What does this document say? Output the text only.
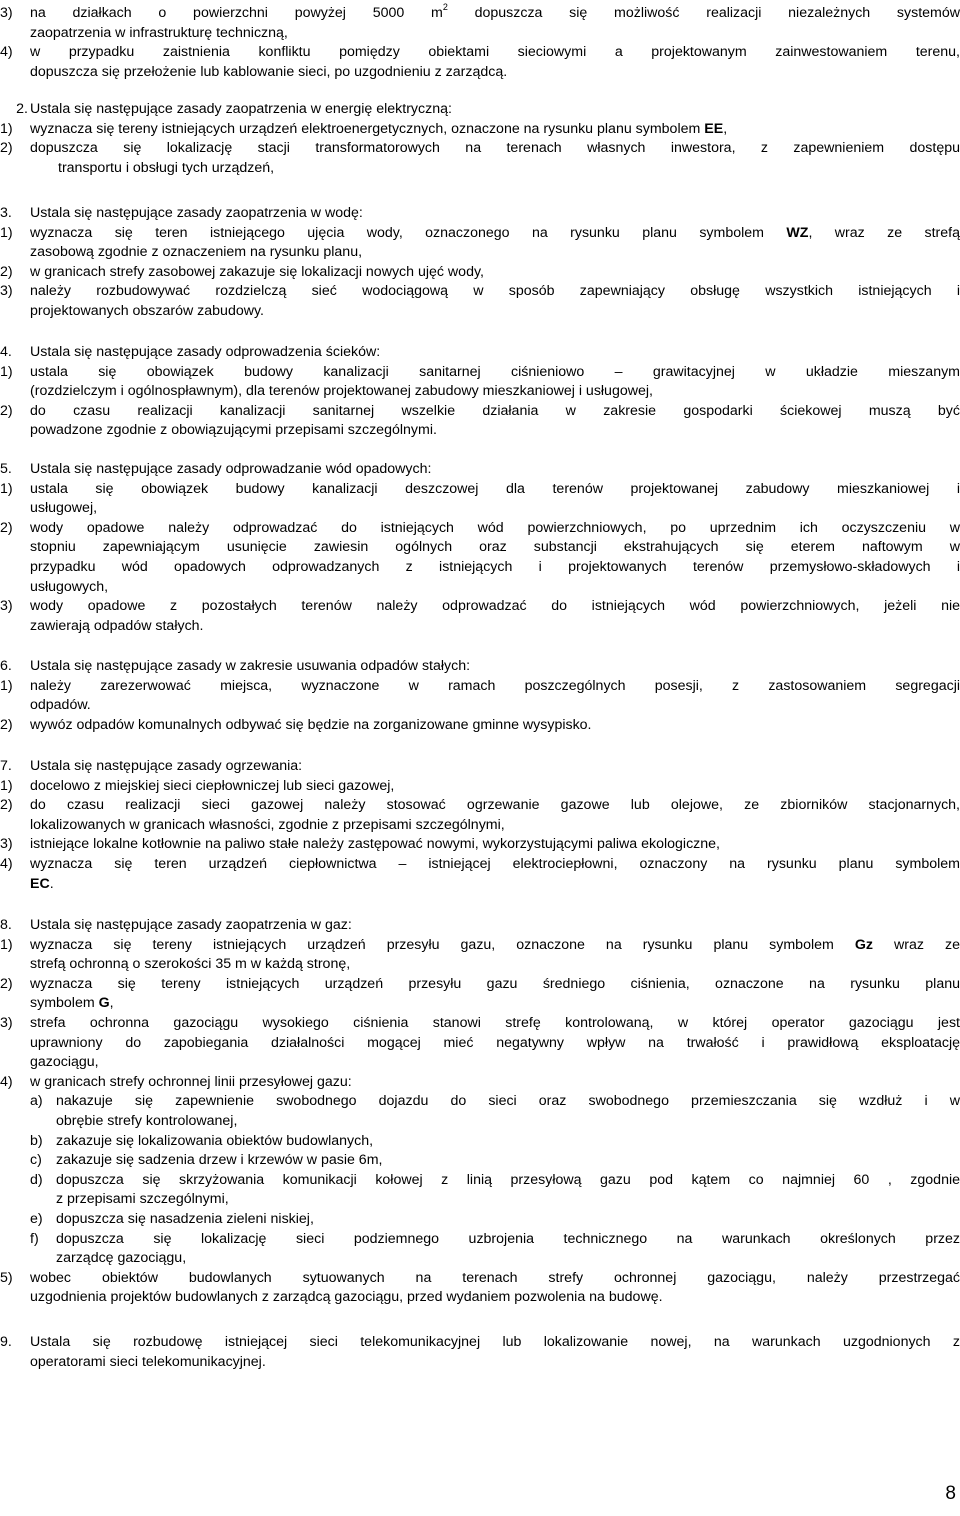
3)	na działkach o powierzchni powyżej 5000 $m^2$ dopuszcza się możliwość realizacji niezależnych systemów
zaopatrzenia w infrastrukturę techniczną,
4)	w przypadku zaistnienia konfliktu pomiędzy obiektami sieciowymi a projektowanym zainwestowaniem terenu,
dopuszcza się przełożenie lub kablowanie sieci, po uzgodnieniu z zarządcą.
2. Ustala się następujące zasady zaopatrzenia w energię elektryczną:
1)	wyznacza się tereny istniejących urządzeń elektroenergetycznych, oznaczone na rysunku planu symbolem EE,
2)	dopuszcza się lokalizację stacji transformatorowych na terenach własnych inwestora, z zapewnieniem dostępu
transportu i obsługi tych urządzeń,
3.	Ustala się następujące zasady zaopatrzenia w wodę:
1)	wyznacza się teren istniejącego ujęcia wody, oznaczonego na rysunku planu symbolem WZ, wraz ze strefą
zasobową zgodnie z oznaczeniem na rysunku planu,
2)	w granicach strefy zasobowej zakazuje się lokalizacji nowych ujęć wody,
3)	należy rozbudowywać rozdzielczą sieć wodociągową w sposób zapewniający obsługę wszystkich istniejących i
projektowanych obszarów zabudowy.
4.	Ustala się następujące zasady odprowadzenia ścieków:
1)	ustala się obowiązek budowy kanalizacji sanitarnej ciśnieniowo – grawitacyjnej w układzie mieszanym
(rozdzielczym i ogólnospławnym), dla terenów projektowanej zabudowy mieszkaniowej i usługowej,
2)	do czasu realizacji kanalizacji sanitarnej wszelkie działania w zakresie gospodarki ściekowej muszą być
powadzone zgodnie z obowiązującymi przepisami szczególnymi.
5.	Ustala się następujące zasady odprowadzanie wód opadowych:
1)	ustala się obowiązek budowy kanalizacji deszczowej dla terenów projektowanej zabudowy mieszkaniowej i
usługowej,
2)	wody opadowe należy odprowadzać do istniejących wód powierzchniowych, po uprzednim ich oczyszczeniu w
stopniu zapewniającym usunięcie zawiesin ogólnych oraz substancji ekstrahujących się eterem naftowym w
przypadku wód opadowych odprowadzanych z istniejących i projektowanych terenów przemysłowo-składowych i
usługowych,
3)	wody opadowe z pozostałych terenów należy odprowadzać do istniejących wód powierzchniowych, jeżeli nie
zawierają odpadów stałych.
6.	Ustala się następujące zasady w zakresie usuwania odpadów stałych:
1)	należy zarezerwować miejsca, wyznaczone w ramach poszczególnych posesji, z zastosowaniem segregacji
odpadów.
2)	wywóz odpadów komunalnych odbywać się będzie na zorganizowane gminne wysypisko.
7.	Ustala się następujące zasady ogrzewania:
1)	docelowo z miejskiej sieci ciepłowniczej lub sieci gazowej,
2)	do czasu realizacji sieci gazowej należy stosować ogrzewanie gazowe lub olejowe, ze zbiorników stacjonarnych,
lokalizowanych w granicach własności, zgodnie z przepisami szczególnymi,
3)	istniejące lokalne kotłownie na paliwo stałe należy zastępować nowymi, wykorzystującymi paliwa ekologiczne,
4)	wyznacza się teren urządzeń ciepłownictwa – istniejącej elektrociepłowni, oznaczony na rysunku planu symbolem
EC.
8.	Ustala się następujące zasady zaopatrzenia w gaz:
1)	wyznacza się tereny istniejących urządzeń przesyłu gazu, oznaczone na rysunku planu symbolem Gz wraz ze
strefą ochronną o szerokości 35 m w każdą stronę,
2)	wyznacza się tereny istniejących urządzeń przesyłu gazu średniego ciśnienia, oznaczone na rysunku planu
symbolem G,
3)	strefa ochronna gazociągu wysokiego ciśnienia stanowi strefę kontrolowaną, w której operator gazociągu jest
uprawniony do zapobiegania działalności mogącej mieć negatywny wpływ na trwałość i prawidłową eksploatację
gazociągu,
4)	w granicach strefy ochronnej linii przesyłowej gazu:
a) nakazuje się zapewnienie swobodnego dojazdu do sieci oraz swobodnego przemieszczania się wzdłuż i w
obrębie strefy kontrolowanej,
b) zakazuje się lokalizowania obiektów budowlanych,
c) zakazuje się sadzenia drzew i krzewów w pasie 6m,
d) dopuszcza się skrzyżowania komunikacji kołowej z linią przesyłową gazu pod kątem co najmniej 60 , zgodnie
z przepisami szczególnymi,
e) dopuszcza się nasadzenia zieleni niskiej,
f)	dopuszcza się lokalizację sieci podziemnego uzbrojenia technicznego na warunkach określonych przez
zarządcę gazociągu,
5)	wobec obiektów budowlanych sytuowanych na terenach strefy ochronnej gazociągu, należy przestrzegać
uzgodnienia projektów budowlanych z zarządcą gazociągu, przed wydaniem pozwolenia na budowę.
9.	Ustala się rozbudowę istniejącej sieci telekomunikacyjnej lub lokalizowanie nowej, na warunkach uzgodnionych z
operatorami sieci telekomunikacyjnej.
8
